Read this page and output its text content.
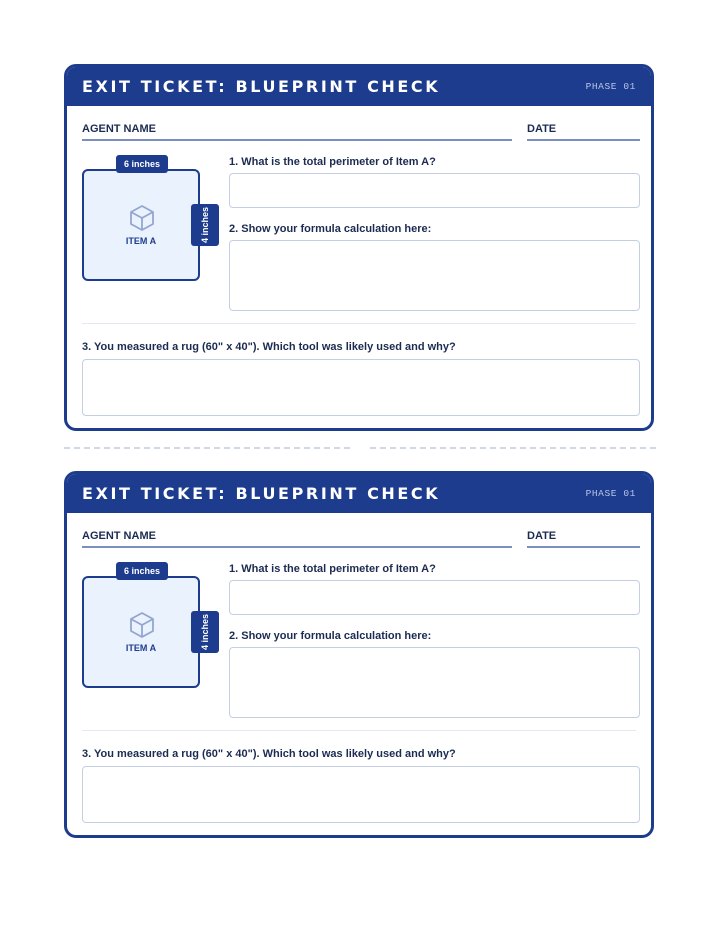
EXIT TICKET: BLUEPRINT CHECK	PHASE 01
AGENT NAME	DATE
ITEM A
6 inches
4 inches
1. What is the total perimeter of Item A?
2. Show your formula calculation here:
3. You measured a rug (60" x 40"). Which tool was likely used and why?
EXIT TICKET: BLUEPRINT CHECK	PHASE 01
AGENT NAME	DATE
ITEM A
6 inches
4 inches
1. What is the total perimeter of Item A?
2. Show your formula calculation here:
3. You measured a rug (60" x 40"). Which tool was likely used and why?
